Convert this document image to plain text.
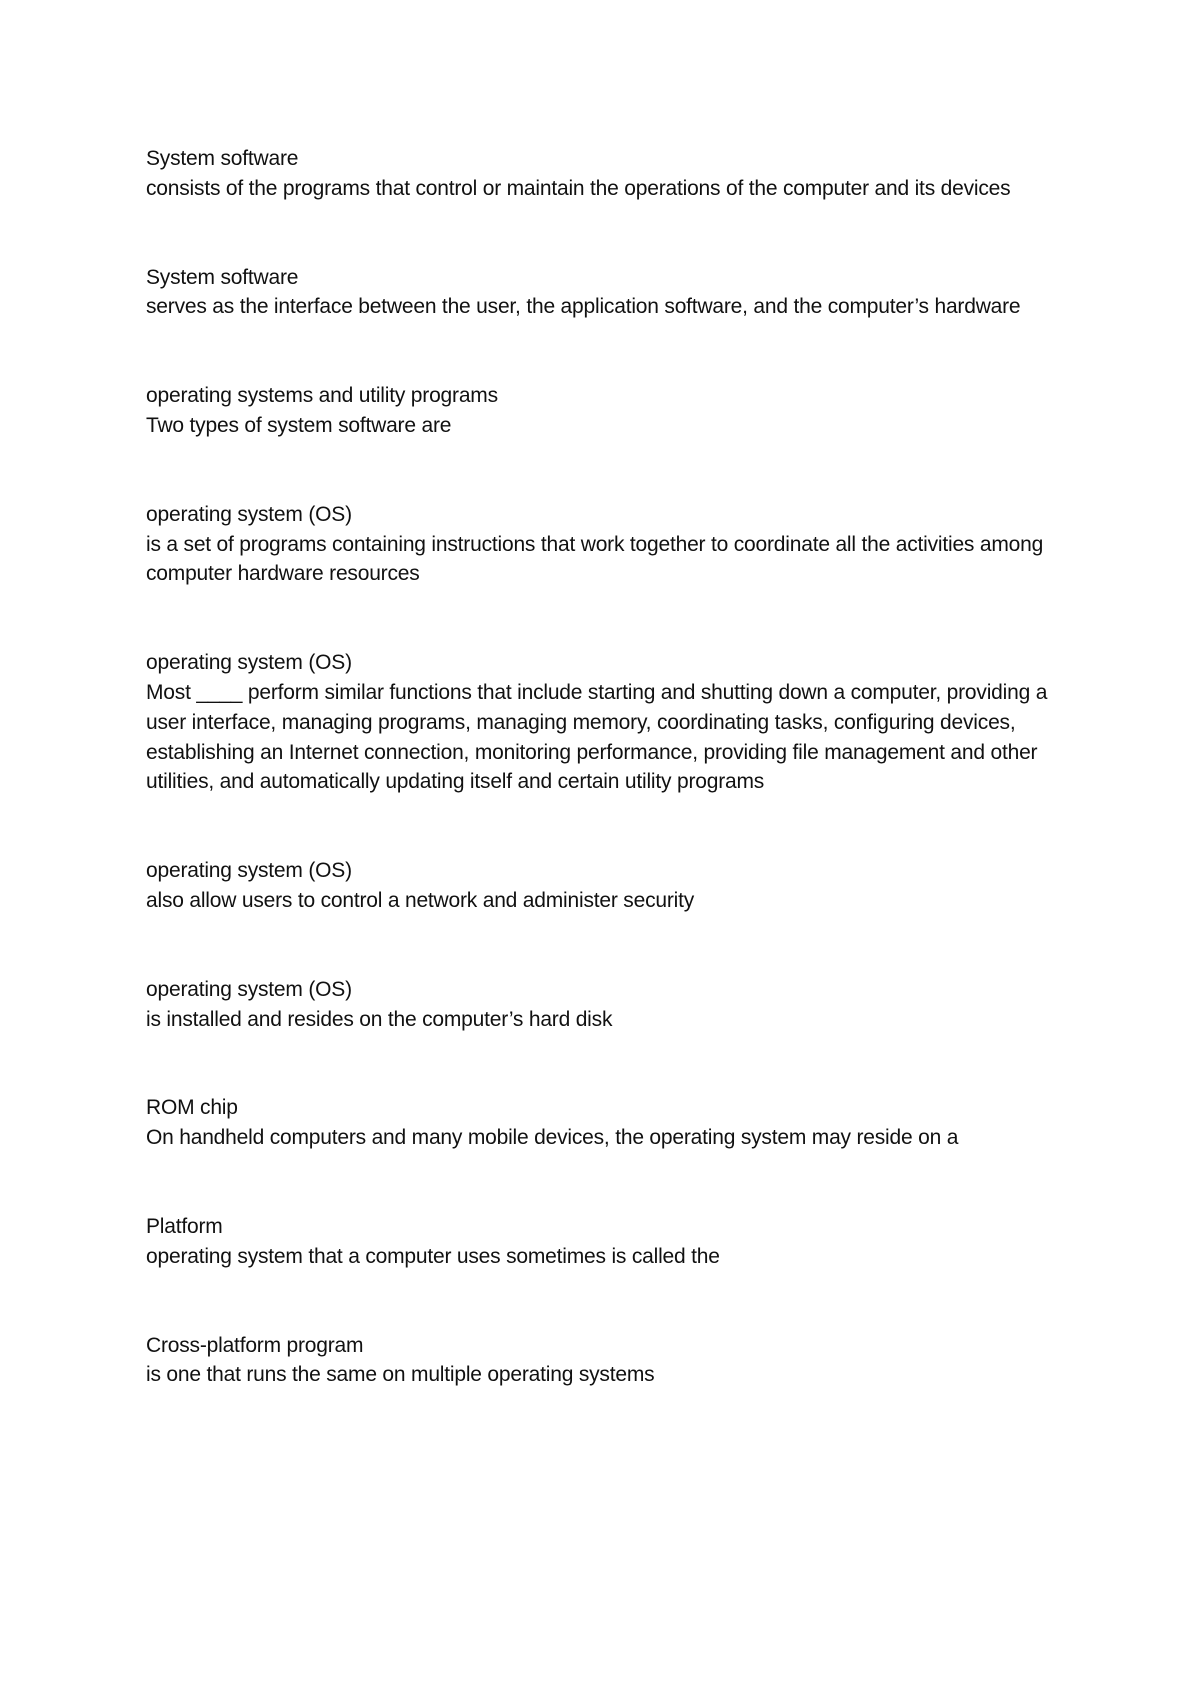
System software

consists of the programs that control or maintain the operations of the computer and its devices

System software

serves as the interface between the user, the application software, and the computer’s hardware

operating systems and utility programs

Two types of system software are

operating system (OS)

is a set of programs containing instructions that work together to coordinate all the activities among computer hardware resources

operating system (OS)

Most ____ perform similar functions that include starting and shutting down a computer, providing a user interface, managing programs, managing memory, coordinating tasks, configuring devices, establishing an Internet connection, monitoring performance, providing file management and other utilities, and automatically updating itself and certain utility programs

operating system (OS)

also allow users to control a network and administer security

operating system (OS)

is installed and resides on the computer’s hard disk

ROM chip

On handheld computers and many mobile devices, the operating system may reside on a

Platform

operating system that a computer uses sometimes is called the

Cross-platform program

is one that runs the same on multiple operating systems
